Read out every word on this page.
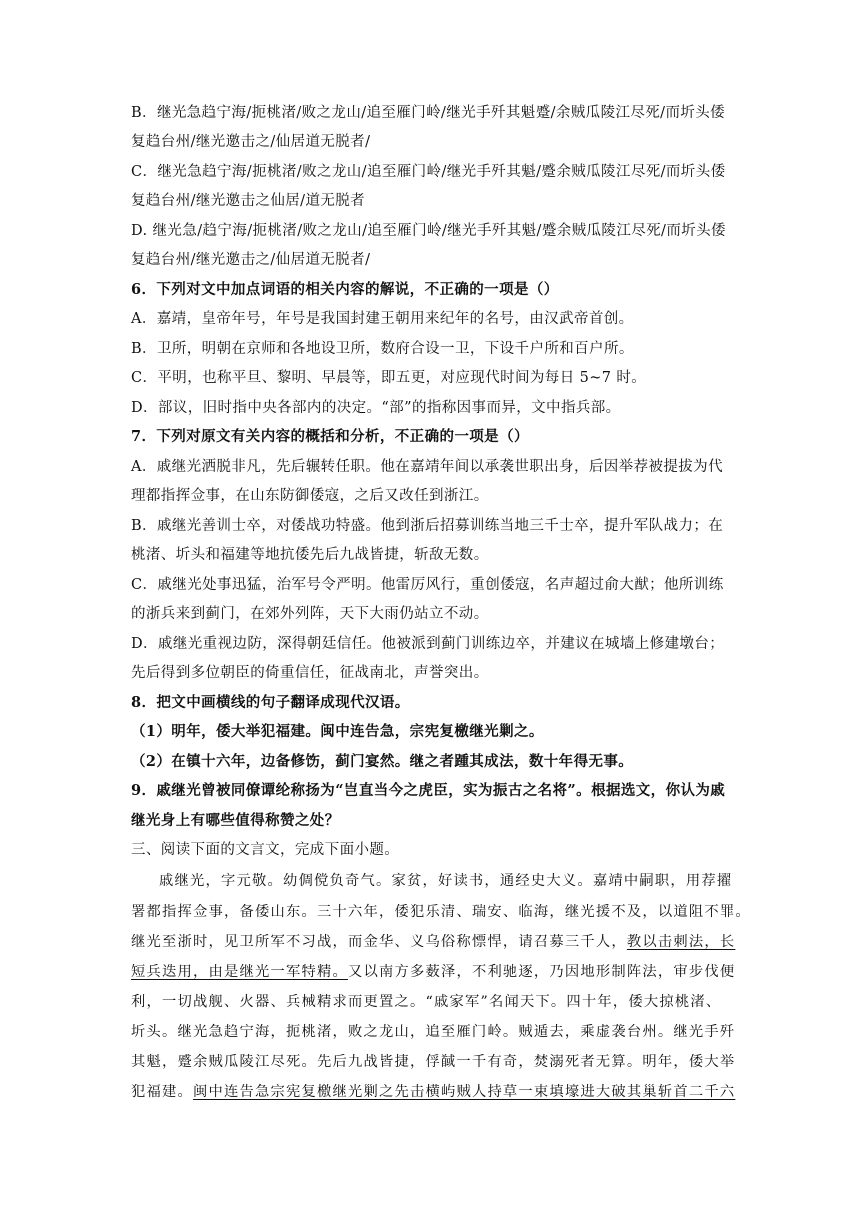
B．继光急趋宁海/扼桃渚/败之龙山/追至雁门岭/继光手歼其魁蹙/余贼瓜陵江尽死/而圻头倭
复趋台州/继光邀击之/仙居道无脱者/
C．继光急趋宁海/扼桃渚/败之龙山/追至雁门岭/继光手歼其魁/蹙余贼瓜陵江尽死/而圻头倭
复趋台州/继光邀击之仙居/道无脱者
D. 继光急/趋宁海/扼桃渚/败之龙山/追至雁门岭/继光手歼其魁/蹙余贼瓜陵江尽死/而圻头倭
复趋台州/继光邀击之/仙居道无脱者/
6．下列对文中加点词语的相关内容的解说，不正确的一项是（）
A．嘉靖，皇帝年号，年号是我国封建王朝用来纪年的名号，由汉武帝首创。
B．卫所，明朝在京师和各地设卫所，数府合设一卫，下设千户所和百户所。
C．平明，也称平旦、黎明、早晨等，即五更，对应现代时间为每日 5~7 时。
D．部议，旧时指中央各部内的决定。“部”的指称因事而异，文中指兵部。
7．下列对原文有关内容的概括和分析，不正确的一项是（）
A．戚继光洒脱非凡，先后辗转任职。他在嘉靖年间以承袭世职出身，后因举荐被提拔为代
理都指挥佥事，在山东防御倭寇，之后又改任到浙江。
B．戚继光善训士卒，对倭战功特盛。他到浙后招募训练当地三千士卒，提升军队战力；在
桃渚、圻头和福建等地抗倭先后九战皆捷，斩敌无数。
C．戚继光处事迅猛，治军号令严明。他雷厉风行，重创倭寇，名声超过俞大猷；他所训练
的浙兵来到蓟门，在郊外列阵，天下大雨仍站立不动。
D．戚继光重视边防，深得朝廷信任。他被派到蓟门训练边卒，并建议在城墙上修建墩台；
先后得到多位朝臣的倚重信任，征战南北，声誉突出。
8．把文中画横线的句子翻译成现代汉语。
（1）明年，倭大举犯福建。闽中连告急，宗宪复檄继光剿之。
（2）在镇十六年，边备修饬，蓟门宴然。继之者踵其成法，数十年得无事。
9．戚继光曾被同僚谭纶称扬为“岂直当今之虎臣，实为振古之名将”。根据选文，你认为戚
继光身上有哪些值得称赞之处？
三、阅读下面的文言文，完成下面小题。
戚继光，字元敬。幼倜傥负奇气。家贫，好读书，通经史大义。嘉靖中嗣职，用荐擢
署都指挥佥事，备倭山东。三十六年，倭犯乐清、瑞安、临海，继光援不及，以道阻不罪。
继光至浙时，见卫所军不习战，而金华、义乌俗称慓悍，请召募三千人，教以击刺法，长
短兵迭用，由是继光一军特精。又以南方多薮泽，不利驰逐，乃因地形制阵法，审步伐便
利，一切战舰、火器、兵械精求而更置之。“戚家军”名闻天下。四十年，倭大掠桃渚、
圻头。继光急趋宁海，扼桃渚，败之龙山，追至雁门岭。贼遁去，乘虚袭台州。继光手歼
其魁，蹙余贼瓜陵江尽死。先后九战皆捷，俘馘一千有奇，焚溺死者无算。明年，倭大举
犯福建。闽中连告急宗宪复檄继光剿之先击横屿贼人持草一束填壕进大破其巢斩首二千六
